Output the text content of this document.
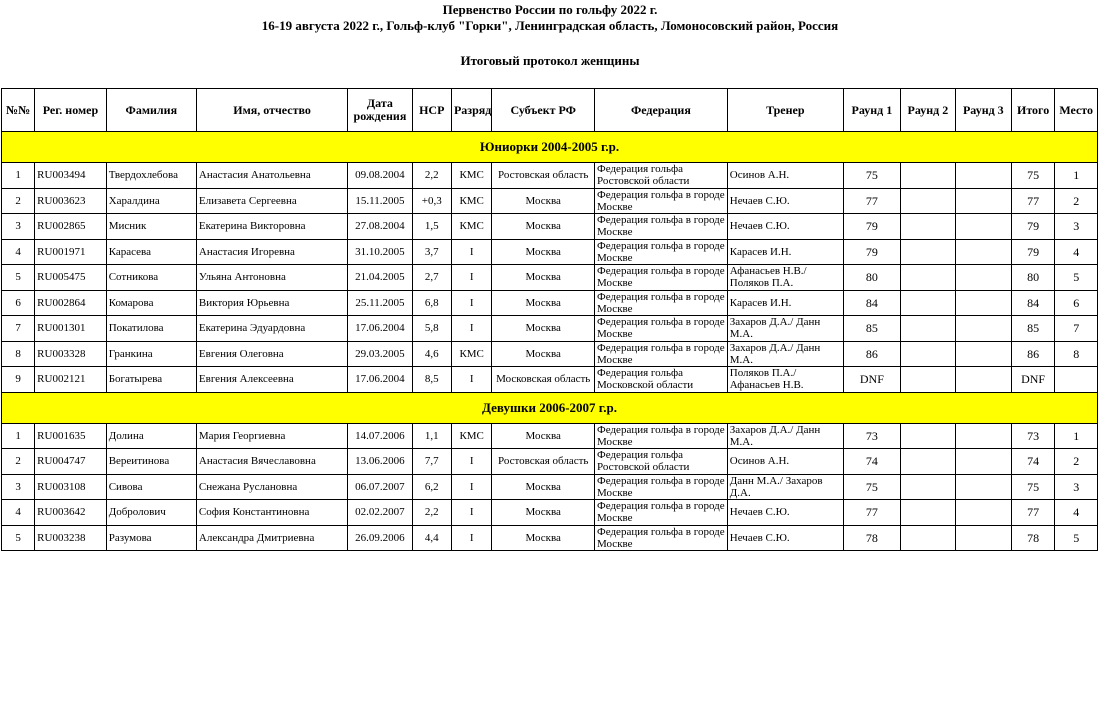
Первенство России по гольфу 2022 г.
16-19 августа 2022 г., Гольф-клуб "Горки", Ленинградская область, Ломоносовский район, Россия
Итоговый протокол женщины
№№	Рег. номер	Фамилия	Имя, отчество	Дата рождения	HCP	Разряд	Субъект РФ	Федерация	Тренер	Раунд 1	Раунд 2	Раунд 3	Итого	Место
Юниорки 2004-2005 г.р.														
1	RU003494	Твердохлебова	Анастасия Анатольевна	09.08.2004	2,2	КМС	Ростовская область	Федерация гольфа Ростовской области	Осинов А.Н.	75			75	1
2	RU003623	Харалдина	Елизавета Сергеевна	15.11.2005	+0,3	КМС	Москва	Федерация гольфа в городе Москве	Нечаев С.Ю.	77			77	2
3	RU002865	Мисник	Екатерина Викторовна	27.08.2004	1,5	КМС	Москва	Федерация гольфа в городе Москве	Нечаев С.Ю.	79			79	3
4	RU001971	Карасева	Анастасия Игоревна	31.10.2005	3,7	I	Москва	Федерация гольфа в городе Москве	Карасев И.Н.	79			79	4
5	RU005475	Сотникова	Ульяна Антоновна	21.04.2005	2,7	I	Москва	Федерация гольфа в городе Москве	Афанасьев Н.В./ Поляков П.А.	80			80	5
6	RU002864	Комарова	Виктория Юрьевна	25.11.2005	6,8	I	Москва	Федерация гольфа в городе Москве	Карасев И.Н.	84			84	6
7	RU001301	Покатилова	Екатерина Эдуардовна	17.06.2004	5,8	I	Москва	Федерация гольфа в городе Москве	Захаров Д.А./ Данн М.А.	85			85	7
8	RU003328	Гранкина	Евгения Олеговна	29.03.2005	4,6	КМС	Москва	Федерация гольфа в городе Москве	Захаров Д.А./ Данн М.А.	86			86	8
9	RU002121	Богатырева	Евгения Алексеевна	17.06.2004	8,5	I	Московская область	Федерация гольфа Московской области	Поляков П.А./ Афанасьев Н.В.	DNF			DNF	
Девушки 2006-2007 г.р.														
1	RU001635	Долина	Мария Георгиевна	14.07.2006	1,1	КМС	Москва	Федерация гольфа в городе Москве	Захаров Д.А./ Данн М.А.	73			73	1
2	RU004747	Вереитинова	Анастасия Вячеславовна	13.06.2006	7,7	I	Ростовская область	Федерация гольфа Ростовской области	Осинов А.Н.	74			74	2
3	RU003108	Сивова	Снежана Руслановна	06.07.2007	6,2	I	Москва	Федерация гольфа в городе Москве	Данн М.А./ Захаров Д.А.	75			75	3
4	RU003642	Добролович	София Константиновна	02.02.2007	2,2	I	Москва	Федерация гольфа в городе Москве	Нечаев С.Ю.	77			77	4
5	RU003238	Разумова	Александра Дмитриевна	26.09.2006	4,4	I	Москва	Федерация гольфа в городе Москве	Нечаев С.Ю.	78			78	5
